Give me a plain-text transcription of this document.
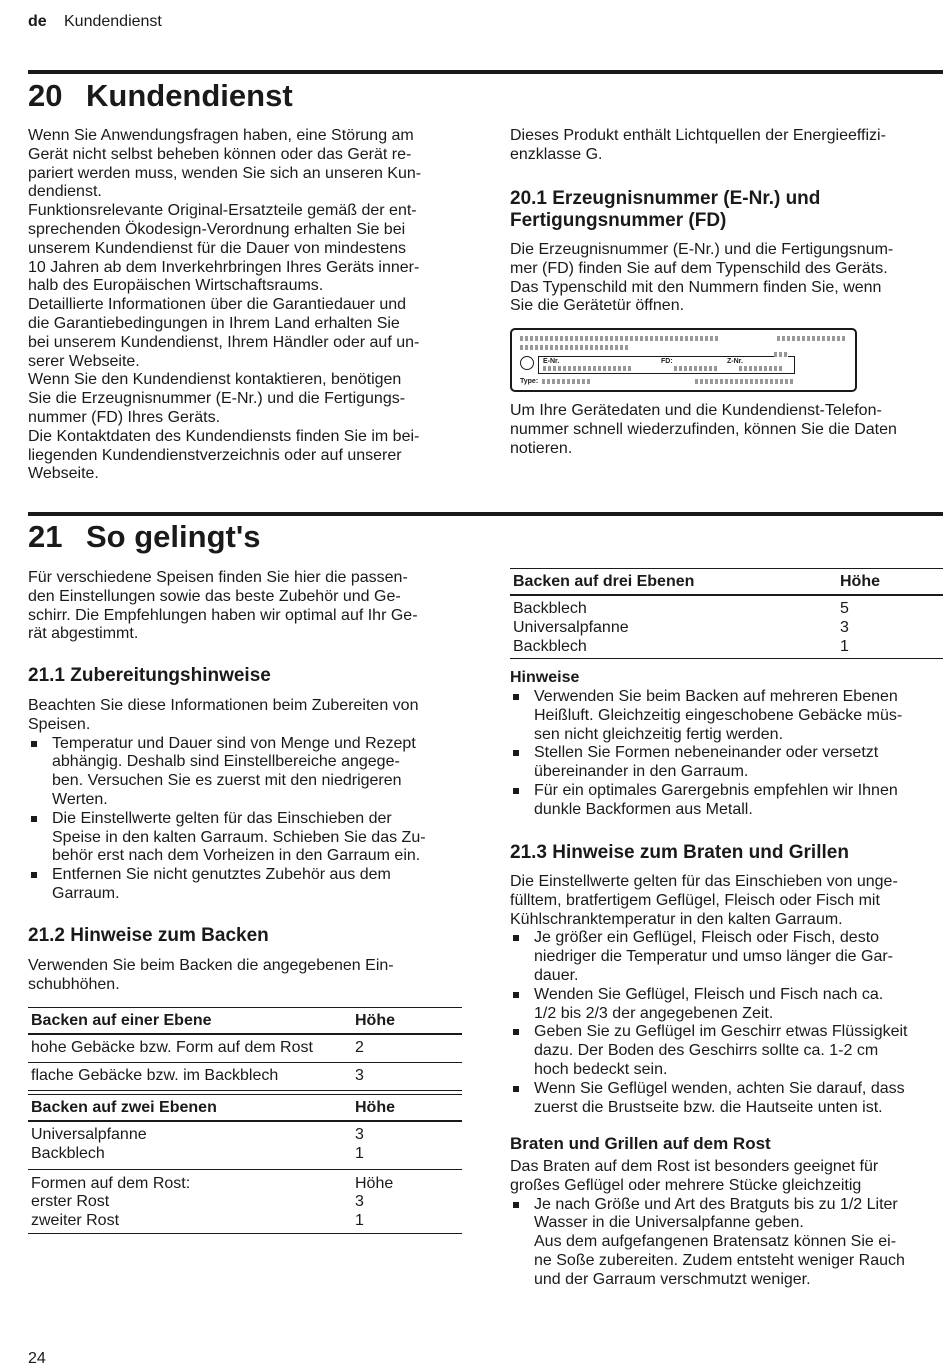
de Kundendienst
20 Kundendienst
Wenn Sie Anwendungsfragen haben, eine Störung am
Gerät nicht selbst beheben können oder das Gerät re-
pariert werden muss, wenden Sie sich an unseren Kun-
dendienst.
Funktionsrelevante Original-Ersatzteile gemäß der ent-
sprechenden Ökodesign-Verordnung erhalten Sie bei
unserem Kundendienst für die Dauer von mindestens
10 Jahren ab dem Inverkehrbringen Ihres Geräts inner-
halb des Europäischen Wirtschaftsraums.
Detaillierte Informationen über die Garantiedauer und
die Garantiebedingungen in Ihrem Land erhalten Sie
bei unserem Kundendienst, Ihrem Händler oder auf un-
serer Webseite.
Wenn Sie den Kundendienst kontaktieren, benötigen
Sie die Erzeugnisnummer (E-Nr.) und die Fertigungs-
nummer (FD) Ihres Geräts.
Die Kontaktdaten des Kundendiensts finden Sie im bei-
liegenden Kundendienstverzeichnis oder auf unserer
Webseite.
Dieses Produkt enthält Lichtquellen der Energieeffizi-
enzklasse G.
20.1 Erzeugnisnummer (E-Nr.) und
Fertigungsnummer (FD)
Die Erzeugnisnummer (E-Nr.) und die Fertigungsnum-
mer (FD) finden Sie auf dem Typenschild des Geräts.
Das Typenschild mit den Nummern finden Sie, wenn
Sie die Gerätetür öffnen.
E-Nr.	FD:	Z-Nr.
Type:
Um Ihre Gerätedaten und die Kundendienst-Telefon-
nummer schnell wiederzufinden, können Sie die Daten
notieren.
21 So gelingt's
Für verschiedene Speisen finden Sie hier die passen-
den Einstellungen sowie das beste Zubehör und Ge-
schirr. Die Empfehlungen haben wir optimal auf Ihr Ge-
rät abgestimmt.
21.1 Zubereitungshinweise
Beachten Sie diese Informationen beim Zubereiten von
Speisen.
Temperatur und Dauer sind von Menge und Rezept
abhängig. Deshalb sind Einstellbereiche angege-
ben. Versuchen Sie es zuerst mit den niedrigeren
Werten.
Die Einstellwerte gelten für das Einschieben der
Speise in den kalten Garraum. Schieben Sie das Zu-
behör erst nach dem Vorheizen in den Garraum ein.
Entfernen Sie nicht genutztes Zubehör aus dem
Garraum.
21.2 Hinweise zum Backen
Verwenden Sie beim Backen die angegebenen Ein-
schubhöhen.
Backen auf einer Ebene	Höhe
hohe Gebäcke bzw. Form auf dem Rost	2
flache Gebäcke bzw. im Backblech	3
Backen auf zwei Ebenen	Höhe
Universalpfanne	3
Backblech	1
Formen auf dem Rost:	Höhe
erster Rost	3
zweiter Rost	1
Backen auf drei Ebenen	Höhe
Backblech	5
Universalpfanne	3
Backblech	1
Hinweise
Verwenden Sie beim Backen auf mehreren Ebenen
Heißluft. Gleichzeitig eingeschobene Gebäcke müs-
sen nicht gleichzeitig fertig werden.
Stellen Sie Formen nebeneinander oder versetzt
übereinander in den Garraum.
Für ein optimales Garergebnis empfehlen wir Ihnen
dunkle Backformen aus Metall.
21.3 Hinweise zum Braten und Grillen
Die Einstellwerte gelten für das Einschieben von unge-
fülltem, bratfertigem Geflügel, Fleisch oder Fisch mit
Kühlschranktemperatur in den kalten Garraum.
Je größer ein Geflügel, Fleisch oder Fisch, desto
niedriger die Temperatur und umso länger die Gar-
dauer.
Wenden Sie Geflügel, Fleisch und Fisch nach ca.
1/2 bis 2/3 der angegebenen Zeit.
Geben Sie zu Geflügel im Geschirr etwas Flüssigkeit
dazu. Der Boden des Geschirrs sollte ca. 1-2 cm
hoch bedeckt sein.
Wenn Sie Geflügel wenden, achten Sie darauf, dass
zuerst die Brustseite bzw. die Hautseite unten ist.
Braten und Grillen auf dem Rost
Das Braten auf dem Rost ist besonders geeignet für
großes Geflügel oder mehrere Stücke gleichzeitig
Je nach Größe und Art des Bratguts bis zu 1/2 Liter
Wasser in die Universalpfanne geben.
Aus dem aufgefangenen Bratensatz können Sie ei-
ne Soße zubereiten. Zudem entsteht weniger Rauch
und der Garraum verschmutzt weniger.
24
